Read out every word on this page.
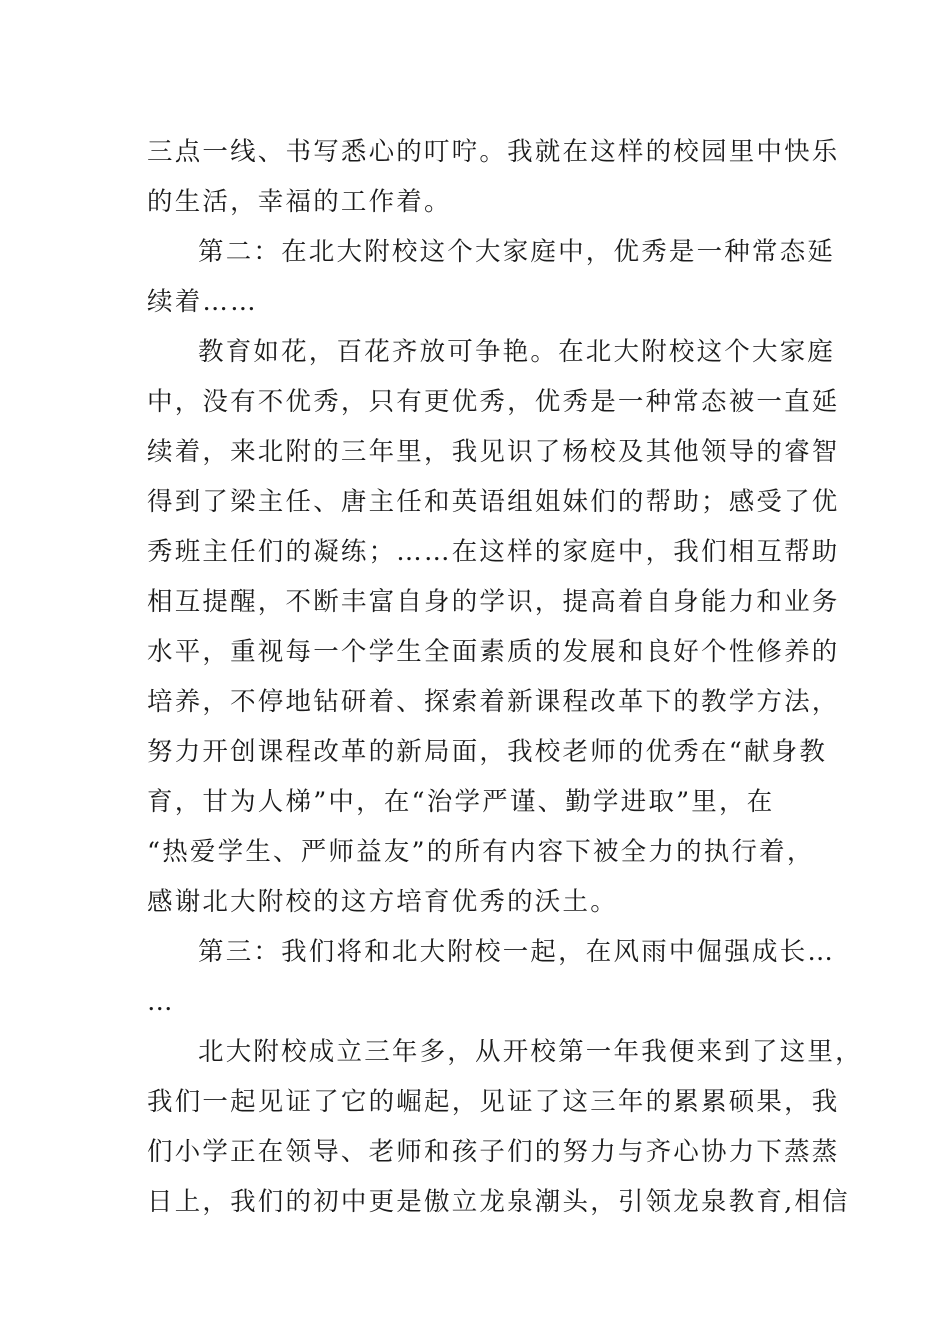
三点一线、书写悉心的叮咛。我就在这样的校园里中快乐

的生活，幸福的工作着。

第二：在北大附校这个大家庭中，优秀是一种常态延

续着……

教育如花，百花齐放可争艳。在北大附校这个大家庭

中，没有不优秀，只有更优秀，优秀是一种常态被一直延

续着，来北附的三年里，我见识了杨校及其他领导的睿智

得到了梁主任、唐主任和英语组姐妹们的帮助；感受了优

秀班主任们的凝练；……在这样的家庭中，我们相互帮助

相互提醒，不断丰富自身的学识，提高着自身能力和业务

水平，重视每一个学生全面素质的发展和良好个性修养的

培养，不停地钻研着、探索着新课程改革下的教学方法，

努力开创课程改革的新局面，我校老师的优秀在“献身教

育，甘为人梯”中，在“治学严谨、勤学进取”里，在

“热爱学生、严师益友”的所有内容下被全力的执行着，

感谢北大附校的这方培育优秀的沃土。

第三：我们将和北大附校一起，在风雨中倔强成长…

…

北大附校成立三年多，从开校第一年我便来到了这里，

我们一起见证了它的崛起，见证了这三年的累累硕果，我

们小学正在领导、老师和孩子们的努力与齐心协力下蒸蒸

日上，我们的初中更是傲立龙泉潮头，引领龙泉教育,相信
